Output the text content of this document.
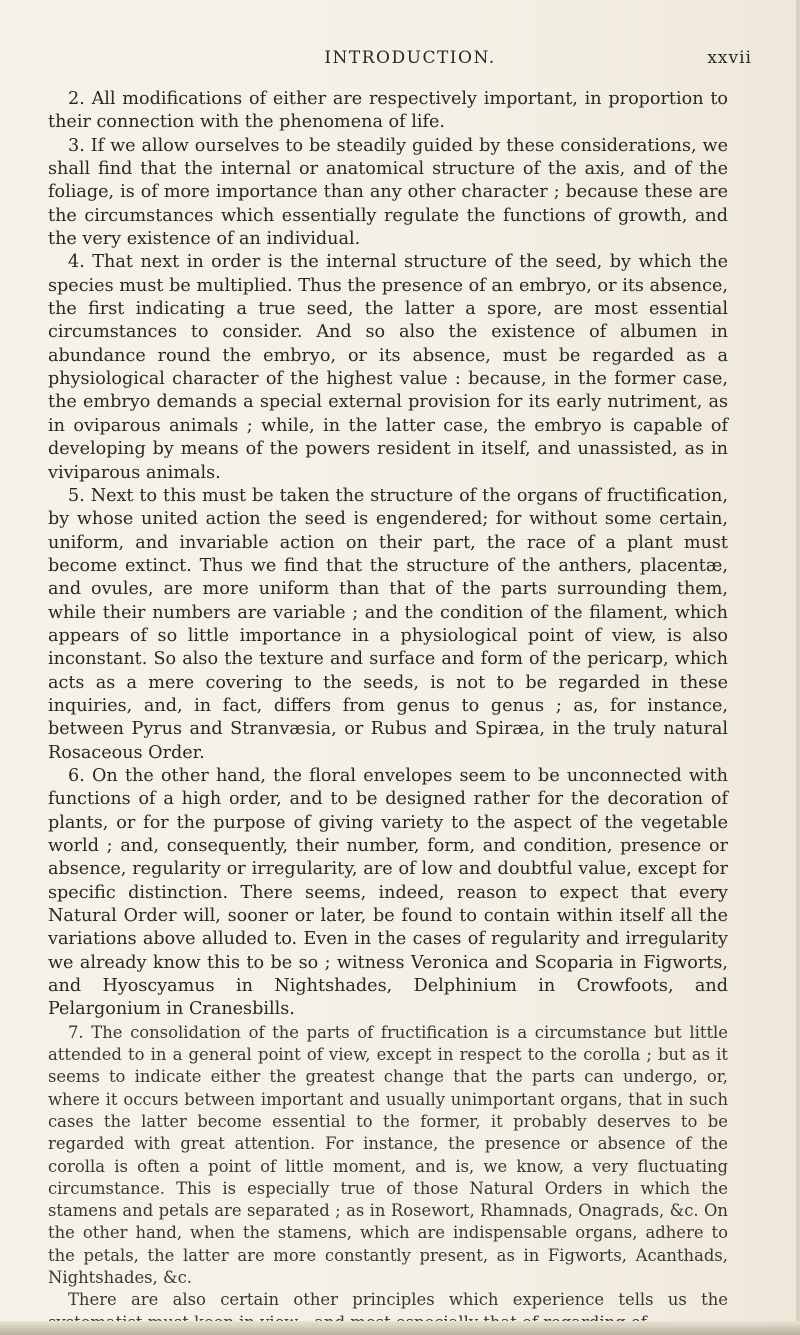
INTRODUCTION.	xxvii

2. All modifications of either are respectively important, in proportion to their connection with the phenomena of life.

3. If we allow ourselves to be steadily guided by these considerations, we shall find that the internal or anatomical structure of the axis, and of the foliage, is of more importance than any other character ; because these are the circumstances which essentially regulate the functions of growth, and the very existence of an individual.

4. That next in order is the internal structure of the seed, by which the species must be multiplied. Thus the presence of an embryo, or its absence, the first indicating a true seed, the latter a spore, are most essential circumstances to consider. And so also the existence of albumen in abundance round the embryo, or its absence, must be regarded as a physiological character of the highest value : because, in the former case, the embryo demands a special external provision for its early nutriment, as in oviparous animals ; while, in the latter case, the embryo is capable of developing by means of the powers resident in itself, and unassisted, as in viviparous animals.

5. Next to this must be taken the structure of the organs of fructification, by whose united action the seed is engendered; for without some certain, uniform, and invariable action on their part, the race of a plant must become extinct. Thus we find that the structure of the anthers, placentæ, and ovules, are more uniform than that of the parts surrounding them, while their numbers are variable ; and the condition of the filament, which appears of so little importance in a physiological point of view, is also inconstant. So also the texture and surface and form of the pericarp, which acts as a mere covering to the seeds, is not to be regarded in these inquiries, and, in fact, differs from genus to genus ; as, for instance, between Pyrus and Stranvæsia, or Rubus and Spiræa, in the truly natural Rosaceous Order.

6. On the other hand, the floral envelopes seem to be unconnected with functions of a high order, and to be designed rather for the decoration of plants, or for the purpose of giving variety to the aspect of the vegetable world ; and, consequently, their number, form, and condition, presence or absence, regularity or irregularity, are of low and doubtful value, except for specific distinction. There seems, indeed, reason to expect that every Natural Order will, sooner or later, be found to contain within itself all the variations above alluded to. Even in the cases of regularity and irregularity we already know this to be so ; witness Veronica and Scoparia in Figworts, and Hyoscyamus in Nightshades, Delphinium in Crowfoots, and Pelargonium in Cranesbills.

7. The consolidation of the parts of fructification is a circumstance but little attended to in a general point of view, except in respect to the corolla ; but as it seems to indicate either the greatest change that the parts can undergo, or, where it occurs between important and usually unimportant organs, that in such cases the latter become essential to the former, it probably deserves to be regarded with great attention. For instance, the presence or absence of the corolla is often a point of little moment, and is, we know, a very fluctuating circumstance. This is especially true of those Natural Orders in which the stamens and petals are separated ; as in Rosewort, Rhamnads, Onagrads, &c. On the other hand, when the stamens, which are indispensable organs, adhere to the petals, the latter are more constantly present, as in Figworts, Acanthads, Nightshades, &c.

There are also certain other principles which experience tells us the
